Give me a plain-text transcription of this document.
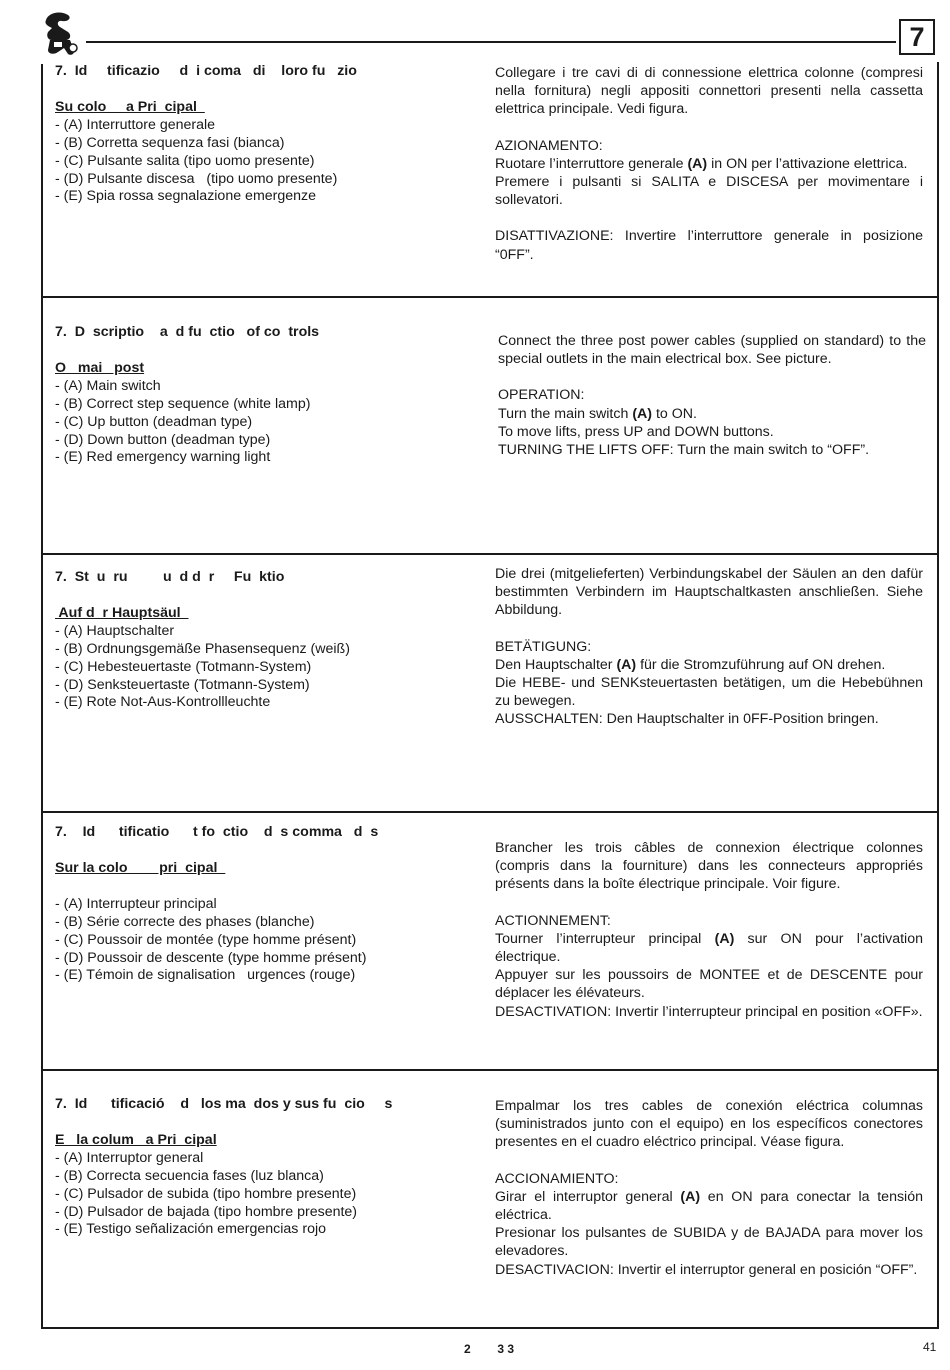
7
7.  Id     tificazio     d  i coma   di    loro fu   zio
Su colo     a Pri  cipal
- (A) Interruttore generale
- (B) Corretta sequenza fasi (bianca)
- (C) Pulsante salita (tipo uomo presente)
- (D) Pulsante discesa   (tipo uomo presente)
- (E) Spia rossa segnalazione emergenze
Collegare i tre cavi di di connessione elettrica colonne (compresi nella fornitura) negli appositi connettori presenti nella cassetta elettrica principale. Vedi figura.
AZIONAMENTO:
Ruotare l’interruttore generale (A) in ON per l’attivazione elettrica.
Premere i pulsanti si SALITA e DISCESA per movimentare i sollevatori.
DISATTIVAZIONE: Invertire l’interruttore generale in posizione “0FF”.
7.  D  scriptio    a  d fu  ctio   of co  trols
O   mai   post
- (A) Main switch
- (B) Correct step sequence (white lamp)
- (C) Up button (deadman type)
- (D) Down button (deadman type)
- (E) Red emergency warning light
Connect the three post power cables (supplied on standard) to the special outlets in the main electrical box. See picture.
OPERATION:
Turn the main switch (A) to ON.
To move lifts, press UP and DOWN buttons.
TURNING THE LIFTS OFF: Turn the main switch to “OFF”.
7.  St  u  ru         u  d d  r     Fu  ktio
Auf d  r Hauptsäul
- (A) Hauptschalter
- (B) Ordnungsgemäße Phasensequenz (weiß)
- (C) Hebesteuertaste (Totmann-System)
- (D) Senksteuertaste (Totmann-System)
- (E) Rote Not-Aus-Kontrollleuchte
Die drei (mitgelieferten) Verbindungskabel der Säulen an den dafür bestimmten Verbindern im Hauptschaltkasten anschließen. Siehe Abbildung.
BETÄTIGUNG:
Den Hauptschalter (A) für die Stromzuführung auf ON drehen.
Die HEBE- und SENKsteuertasten betätigen, um die Hebebühnen zu bewegen.
AUSSCHALTEN: Den Hauptschalter in 0FF-Position bringen.
7.    Id      tificatio      t fo  ctio    d  s comma   d  s
Sur la colo        pri  cipal
- (A) Interrupteur principal
- (B) Série correcte des phases (blanche)
- (C) Poussoir de montée (type homme présent)
- (D) Poussoir de descente (type homme présent)
- (E) Témoin de signalisation   urgences (rouge)
Brancher les trois câbles de connexion électrique colonnes (compris dans la fourniture) dans les connecteurs appropriés présents dans la boîte électrique principale. Voir figure.
ACTIONNEMENT:
Tourner l’interrupteur principal (A) sur ON pour l’activation électrique.
Appuyer sur les poussoirs de MONTEE et de DESCENTE pour déplacer les élévateurs.
DESACTIVATION: Invertir l’interrupteur principal en position «OFF».
7.  Id      tificació    d   los ma  dos y sus fu  cio     s
E   la colum   a Pri  cipal
- (A) Interruptor general
- (B) Correcta secuencia fases (luz blanca)
- (C) Pulsador de subida (tipo hombre presente)
- (D) Pulsador de bajada (tipo hombre presente)
- (E) Testigo señalización emergencias rojo
Empalmar los tres cables de conexión eléctrica columnas (suministrados junto con el equipo) en los específicos conectores presentes en el cuadro eléctrico principal. Véase figura.
ACCIONAMIENTO:
Girar el interruptor general (A) en ON para conectar la tensión eléctrica.
Presionar los pulsantes de SUBIDA y de BAJADA para mover los elevadores.
DESACTIVACION: Invertir el interruptor general en posición “OFF”.
2        3 3	41
